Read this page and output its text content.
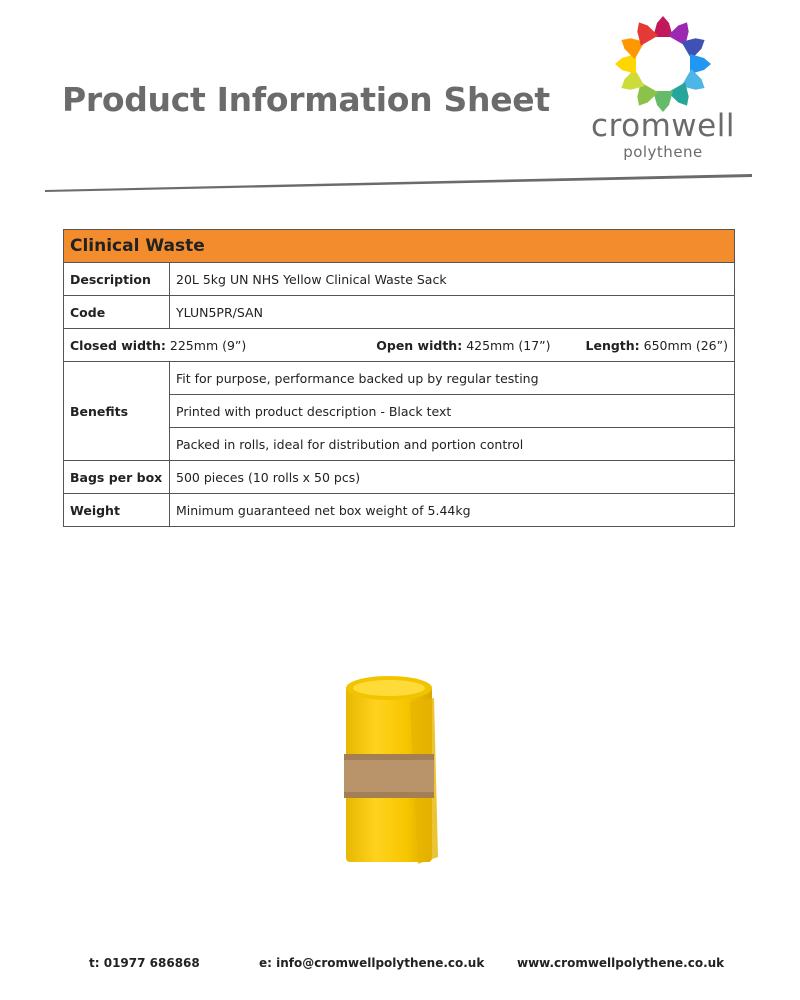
Product Information Sheet
cromwell
polythene
Clinical Waste	
Description	20L 5kg UN NHS Yellow Clinical Waste Sack
Code	YLUN5PR/SAN

Closed width: 225mm (9”) Open width: 425mm (17”) Length: 650mm (26”)	

Benefits	Fit for purpose, performance backed up by regular testing
	Printed with product description - Black text
	Packed in rolls, ideal for distribution and portion control
Bags per box	500 pieces (10 rolls x 50 pcs)
Weight	Minimum guaranteed net box weight of 5.44kg
t: 01977 686868	e: info@cromwellpolythene.co.uk	www.cromwellpolythene.co.uk
